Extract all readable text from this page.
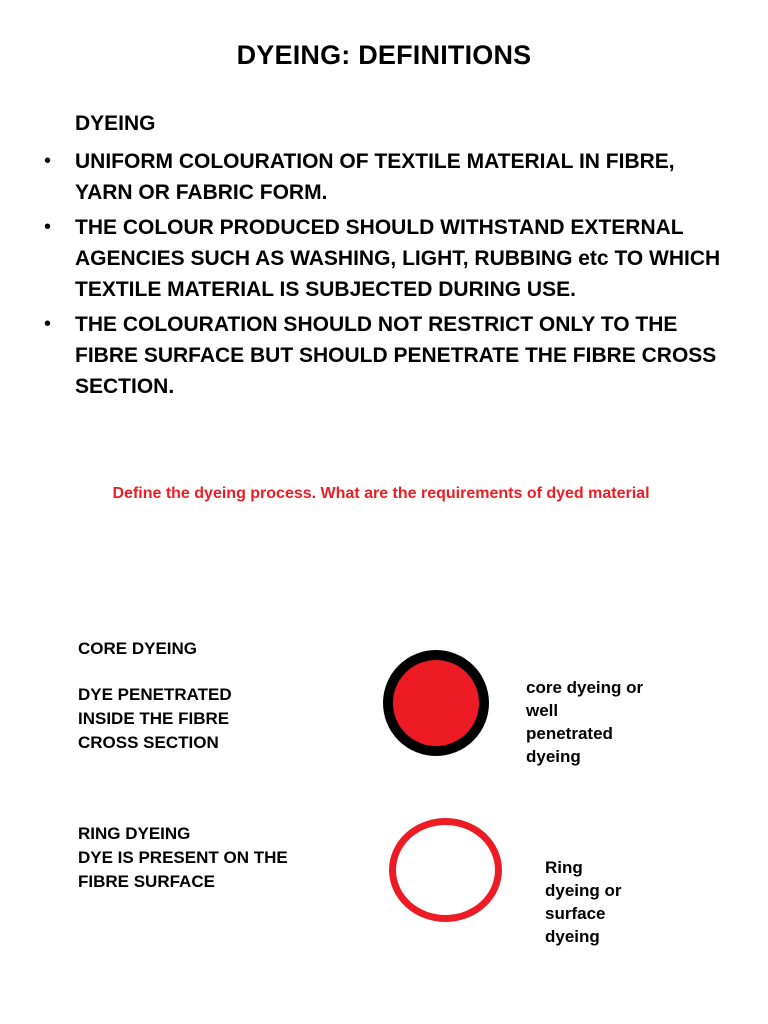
DYEING: DEFINITIONS
DYEING
• UNIFORM COLOURATION OF TEXTILE MATERIAL IN FIBRE, YARN OR FABRIC FORM.
• THE COLOUR PRODUCED SHOULD WITHSTAND EXTERNAL AGENCIES SUCH AS WASHING, LIGHT, RUBBING etc TO WHICH TEXTILE MATERIAL IS SUBJECTED DURING USE.
• THE COLOURATION SHOULD NOT RESTRICT ONLY TO THE FIBRE SURFACE BUT SHOULD PENETRATE THE FIBRE CROSS SECTION.
Define the dyeing process. What are the requirements of dyed material
CORE DYEING
DYE PENETRATED
INSIDE THE FIBRE
CROSS SECTION
core dyeing or
well
penetrated
dyeing
RING DYEING
DYE IS PRESENT ON THE
FIBRE SURFACE
Ring
dyeing or
surface
dyeing
